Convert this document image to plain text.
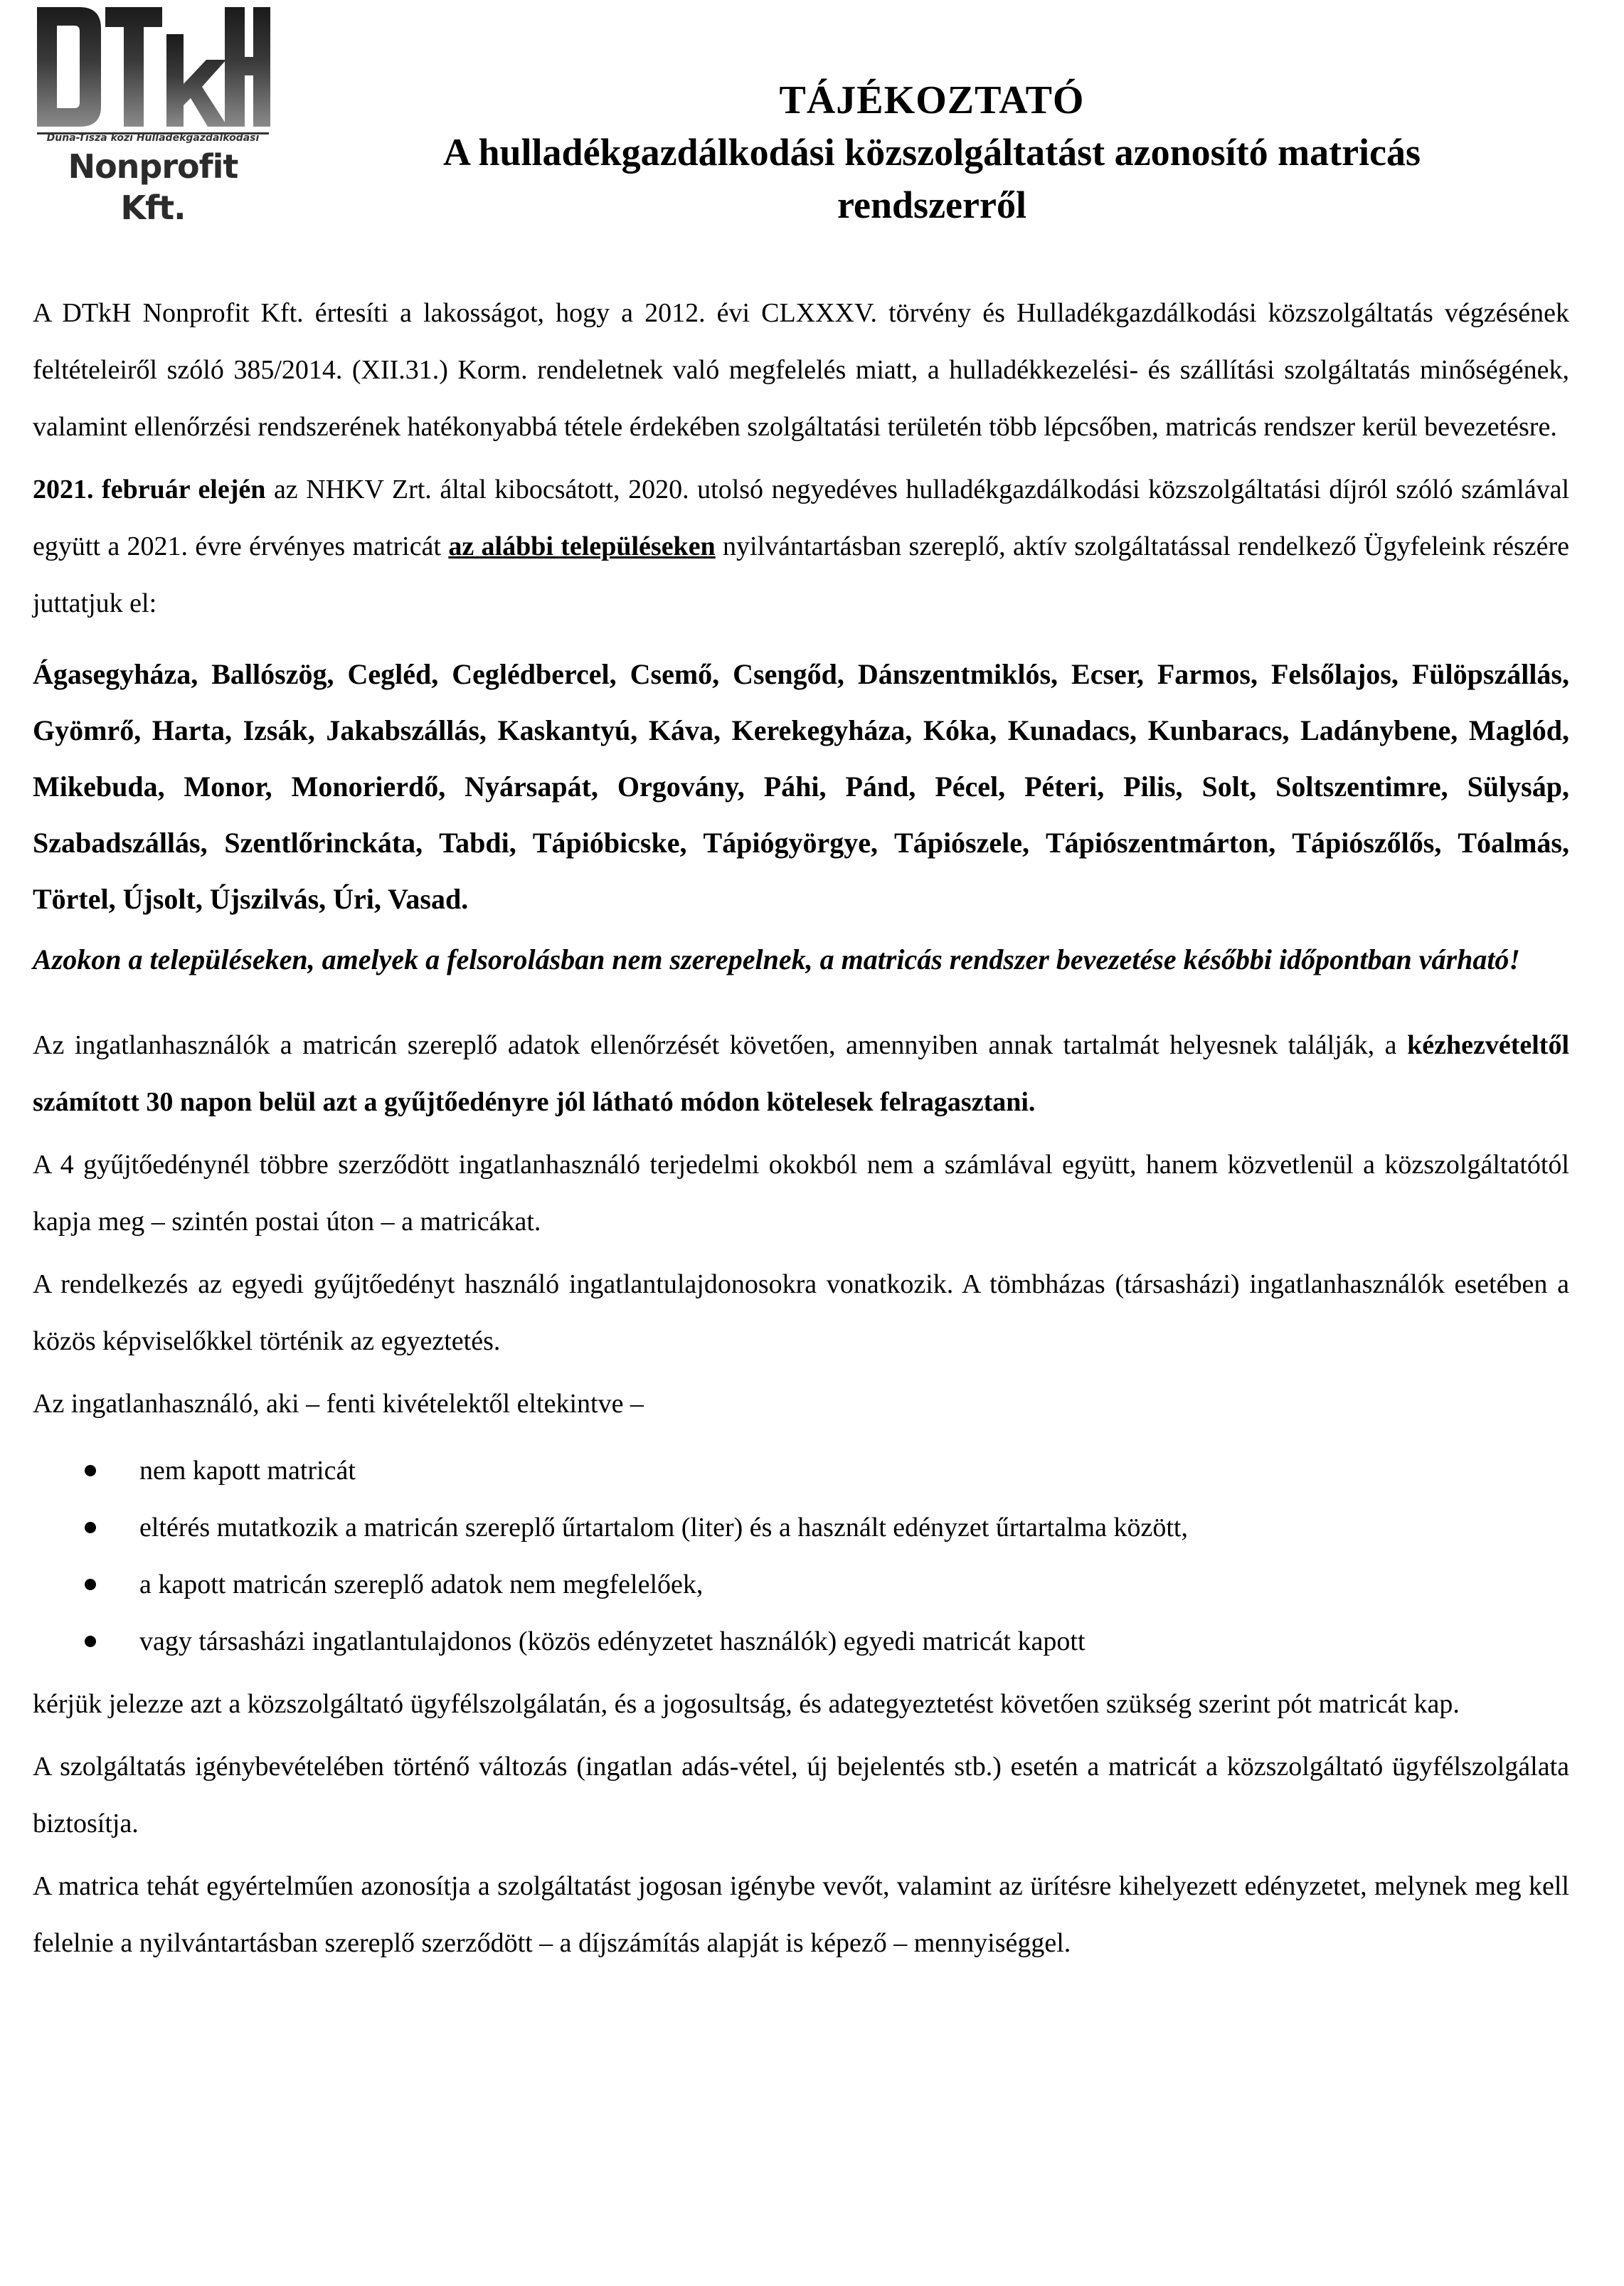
Duna-Tisza közi Hulladékgazdálkodási
Nonprofit Kft.
TÁJÉKOZTATÓ
A hulladékgazdálkodási közszolgáltatást azonosító matricás
rendszerről

A DTkH Nonprofit Kft. értesíti a lakosságot, hogy a 2012. évi CLXXXV. törvény és Hulladékgazdálkodási közszolgáltatás végzésének feltételeiről szóló 385/2014. (XII.31.) Korm. rendeletnek való megfelelés miatt, a hulladékkezelési- és szállítási szolgáltatás minőségének, valamint ellenőrzési rendszerének hatékonyabbá tétele érdekében szolgáltatási területén több lépcsőben, matricás rendszer kerül bevezetésre.

2021. február elején az NHKV Zrt. által kibocsátott, 2020. utolsó negyedéves hulladékgazdálkodási közszolgáltatási díjról szóló számlával együtt a 2021. évre érvényes matricát az alábbi településeken nyilvántartásban szereplő, aktív szolgáltatással rendelkező Ügyfeleink részére juttatjuk el:

Ágasegyháza, Ballószög, Cegléd, Ceglédbercel, Csemő, Csengőd, Dánszentmiklós, Ecser, Farmos, Felsőlajos, Fülöpszállás, Gyömrő, Harta, Izsák, Jakabszállás, Kaskantyú, Káva, Kerekegyháza, Kóka, Kunadacs, Kunbaracs, Ladánybene, Maglód, Mikebuda, Monor, Monorierdő, Nyársapát, Orgovány, Páhi, Pánd, Pécel, Péteri, Pilis, Solt, Soltszentimre, Sülysáp, Szabadszállás, Szentlőrinckáta, Tabdi, Tápióbicske, Tápiógyörgye, Tápiószele, Tápiószentmárton, Tápiószőlős, Tóalmás, Törtel, Újsolt, Újszilvás, Úri, Vasad.

Azokon a településeken, amelyek a felsorolásban nem szerepelnek, a matricás rendszer bevezetése későbbi időpontban várható!

Az ingatlanhasználók a matricán szereplő adatok ellenőrzését követően, amennyiben annak tartalmát helyesnek találják, a kézhezvételtől számított 30 napon belül azt a gyűjtőedényre jól látható módon kötelesek felragasztani.

A 4 gyűjtőedénynél többre szerződött ingatlanhasználó terjedelmi okokból nem a számlával együtt, hanem közvetlenül a közszolgáltatótól kapja meg – szintén postai úton – a matricákat.

A rendelkezés az egyedi gyűjtőedényt használó ingatlantulajdonosokra vonatkozik. A tömbházas (társasházi) ingatlanhasználók esetében a közös képviselőkkel történik az egyeztetés.

Az ingatlanhasználó, aki – fenti kivételektől eltekintve –

nem kapott matricát
eltérés mutatkozik a matricán szereplő űrtartalom (liter) és a használt edényzet űrtartalma között,
a kapott matricán szereplő adatok nem megfelelőek,
vagy társasházi ingatlantulajdonos (közös edényzetet használók) egyedi matricát kapott

kérjük jelezze azt a közszolgáltató ügyfélszolgálatán, és a jogosultság, és adategyeztetést követően szükség szerint pót matricát kap.

A szolgáltatás igénybevételében történő változás (ingatlan adás-vétel, új bejelentés stb.) esetén a matricát a közszolgáltató ügyfélszolgálata biztosítja.

A matrica tehát egyértelműen azonosítja a szolgáltatást jogosan igénybe vevőt, valamint az ürítésre kihelyezett edényzetet, melynek meg kell felelnie a nyilvántartásban szereplő szerződött – a díjszámítás alapját is képező – mennyiséggel.
